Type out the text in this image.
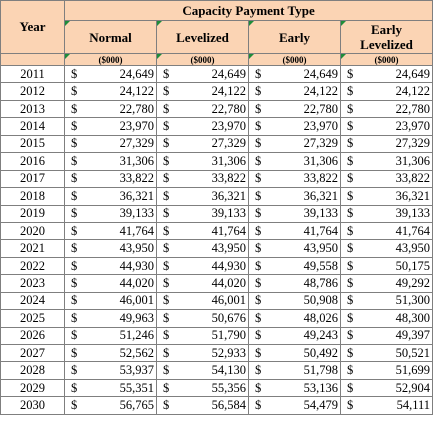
Year	Capacity Payment Type							
	Normal		Levelized		Early		Early Levelized	
	($000)		($000)		($000)		($000)	
2011	$	24,649	$	24,649	$	24,649	$	24,649
2012	$	24,122	$	24,122	$	24,122	$	24,122
2013	$	22,780	$	22,780	$	22,780	$	22,780
2014	$	23,970	$	23,970	$	23,970	$	23,970
2015	$	27,329	$	27,329	$	27,329	$	27,329
2016	$	31,306	$	31,306	$	31,306	$	31,306
2017	$	33,822	$	33,822	$	33,822	$	33,822
2018	$	36,321	$	36,321	$	36,321	$	36,321
2019	$	39,133	$	39,133	$	39,133	$	39,133
2020	$	41,764	$	41,764	$	41,764	$	41,764
2021	$	43,950	$	43,950	$	43,950	$	43,950
2022	$	44,930	$	44,930	$	49,558	$	50,175
2023	$	44,020	$	44,020	$	48,786	$	49,292
2024	$	46,001	$	46,001	$	50,908	$	51,300
2025	$	49,963	$	50,676	$	48,026	$	48,300
2026	$	51,246	$	51,790	$	49,243	$	49,397
2027	$	52,562	$	52,933	$	50,492	$	50,521
2028	$	53,937	$	54,130	$	51,798	$	51,699
2029	$	55,351	$	55,356	$	53,136	$	52,904
2030	$	56,765	$	56,584	$	54,479	$	54,111
